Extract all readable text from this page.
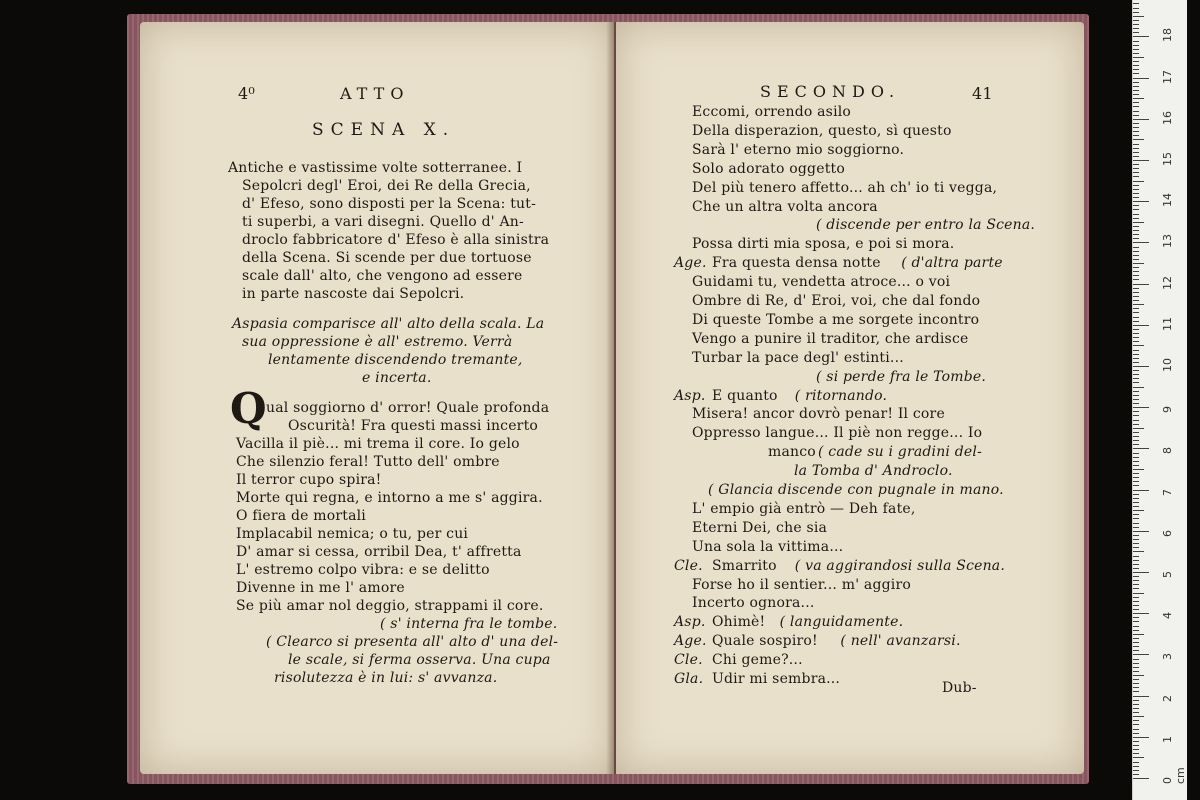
4⁰	ATTO
SCENA X.
Antiche e vastissime volte sotterranee. I
Sepolcri degl' Eroi, dei Re della Grecia,
d' Efeso, sono disposti per la Scena: tut-
ti superbi, a vari disegni. Quello d' An-
droclo fabbricatore d' Efeso è alla sinistra
della Scena. Si scende per due tortuose
scale dall' alto, che vengono ad essere
in parte nascoste dai Sepolcri.
Aspasia comparisce all' alto della scala. La
sua oppressione è all' estremo. Verrà
lentamente discendendo tremante,
e incerta.
Q ual soggiorno d' orror! Quale profonda
Oscurità! Fra questi massi incerto
Vacilla il piè... mi trema il core. Io gelo
Che silenzio feral! Tutto dell' ombre
Il terror cupo spira!
Morte qui regna, e intorno a me s' aggira.
O fiera de mortali
Implacabil nemica; o tu, per cui
D' amar si cessa, orribil Dea, t' affretta
L' estremo colpo vibra: e se delitto
Divenne in me l' amore
Se più amar nol deggio, strappami il core.
( s' interna fra le tombe.
( Clearco si presenta all' alto d' una del-
le scale, si ferma osserva. Una cupa
risolutezza è in lui: s' avvanza.
SECONDO.	41
Eccomi, orrendo asilo
Della disperazion, questo, sì questo
Sarà l' eterno mio soggiorno.
Solo adorato oggetto
Del più tenero affetto... ah ch' io ti vegga,
Che un altra volta ancora
( discende per entro la Scena.
Possa dirti mia sposa, e poi si mora.
Age. Fra questa densa notte ( d'altra parte
Guidami tu, vendetta atroce... o voi
Ombre di Re, d' Eroi, voi, che dal fondo
Di queste Tombe a me sorgete incontro
Vengo a punire il traditor, che ardisce
Turbar la pace degl' estinti...
( si perde fra le Tombe.
Asp. E quanto ( ritornando.
Misera! ancor dovrò penar! Il core
Oppresso langue... Il piè non regge... Io
manco ( cade su i gradini del-
la Tomba d' Androclo.
( Glancia discende con pugnale in mano.
L' empio già entrò — Deh fate,
Eterni Dei, che sia
Una sola la vittima...
Cle. Smarrito ( va aggirandosi sulla Scena.
Forse ho il sentier... m' aggiro
Incerto ognora...
Asp. Ohimè! ( languidamente.
Age. Quale sospiro! ( nell' avanzarsi.
Cle. Chi geme?...
Gla. Udir mi sembra...
Dub-
0 cm
1
2
3
4
5
6
7
8
9
10
11
12
13
14
15
16
17
18
